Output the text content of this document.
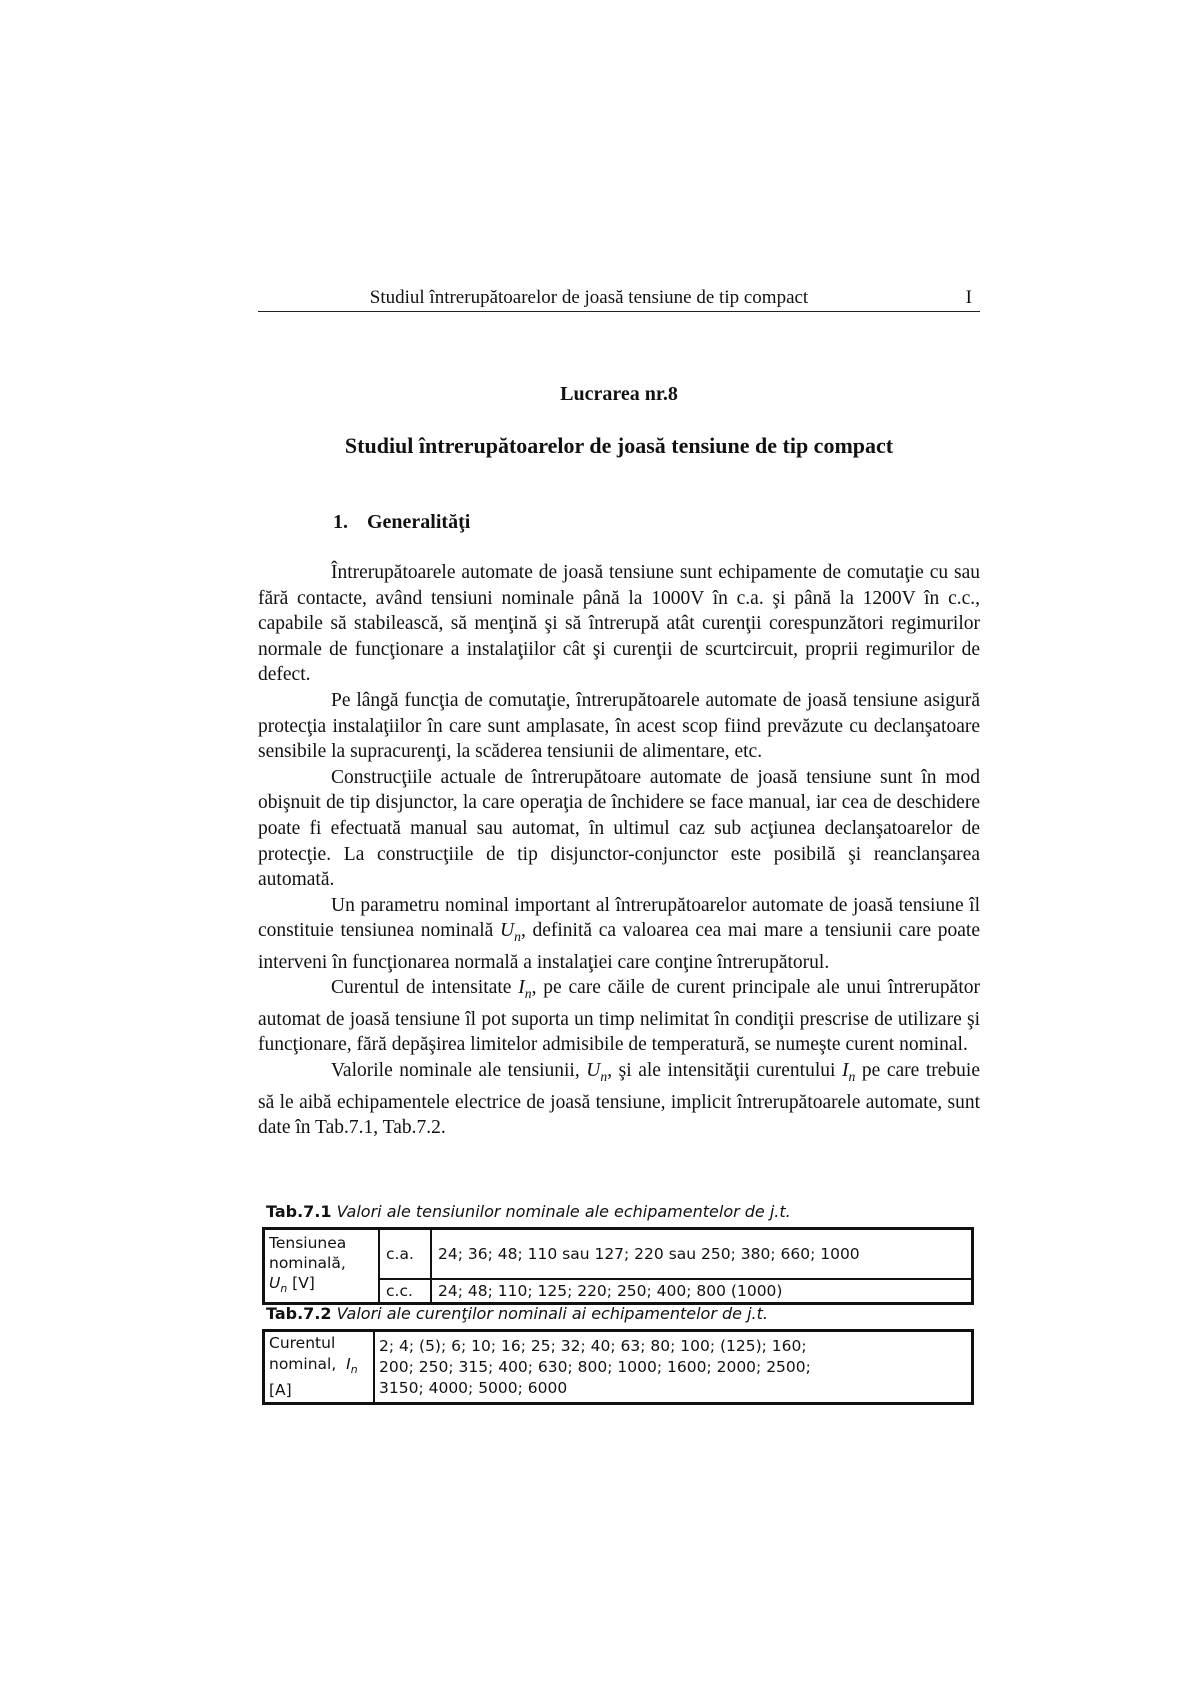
Studiul întrerupătoarelor de joasă tensiune de tip compact	I
Lucrarea nr.8
Studiul întrerupătoarelor de joasă tensiune de tip compact
1. Generalităţi

Întrerupătoarele automate de joasă tensiune sunt echipamente de comutaţie cu sau fără contacte, având tensiuni nominale până la 1000V în c.a. şi până la 1200V în c.c., capabile să stabilească, să menţină şi să întrerupă atât curenţii corespunzători regimurilor normale de funcţionare a instalaţiilor cât şi curenţii de scurtcircuit, proprii regimurilor de defect.

Pe lângă funcţia de comutaţie, întrerupătoarele automate de joasă tensiune asigură protecţia instalaţiilor în care sunt amplasate, în acest scop fiind prevăzute cu declanşatoare sensibile la supracurenţi, la scăderea tensiunii de alimentare, etc.

Construcţiile actuale de întrerupătoare automate de joasă tensiune sunt în mod obişnuit de tip disjunctor, la care operaţia de închidere se face manual, iar cea de deschidere poate fi efectuată manual sau automat, în ultimul caz sub acţiunea declanşatoarelor de protecţie. La construcţiile de tip disjunctor-conjunctor este posibilă şi reanclanşarea automată.

Un parametru nominal important al întrerupătoarelor automate de joasă tensiune îl constituie tensiunea nominală $U_n$, definită ca valoarea cea mai mare a tensiunii care poate interveni în funcţionarea normală a instalaţiei care conţine întrerupătorul.

Curentul de intensitate $I_n$, pe care căile de curent principale ale unui întrerupător automat de joasă tensiune îl pot suporta un timp nelimitat în condiţii prescrise de utilizare şi funcţionare, fără depăşirea limitelor admisibile de temperatură, se numeşte curent nominal.

Valorile nominale ale tensiunii, $U_n$, şi ale intensităţii curentului $I_n$ pe care trebuie să le aibă echipamentele electrice de joasă tensiune, implicit întrerupătoarele automate, sunt date în Tab.7.1, Tab.7.2.

Tab.7.1 Valori ale tensiunilor nominale ale echipamentelor de j.t.
Tensiunea
nominală,
$U_n$ [V]	c.a.	24; 36; 48; 110 sau 127; 220 sau 250; 380; 660; 1000
	c.c.	24; 48; 110; 125; 220; 250; 400; 800 (1000)
Tab.7.2 Valori ale curenţilor nominali ai echipamentelor de j.t.
Curentul
nominal, $I_n$
[A]	2; 4; (5); 6; 10; 16; 25; 32; 40; 63; 80; 100; (125); 160;
200; 250; 315; 400; 630; 800; 1000; 1600; 2000; 2500;
3150; 4000; 5000; 6000
